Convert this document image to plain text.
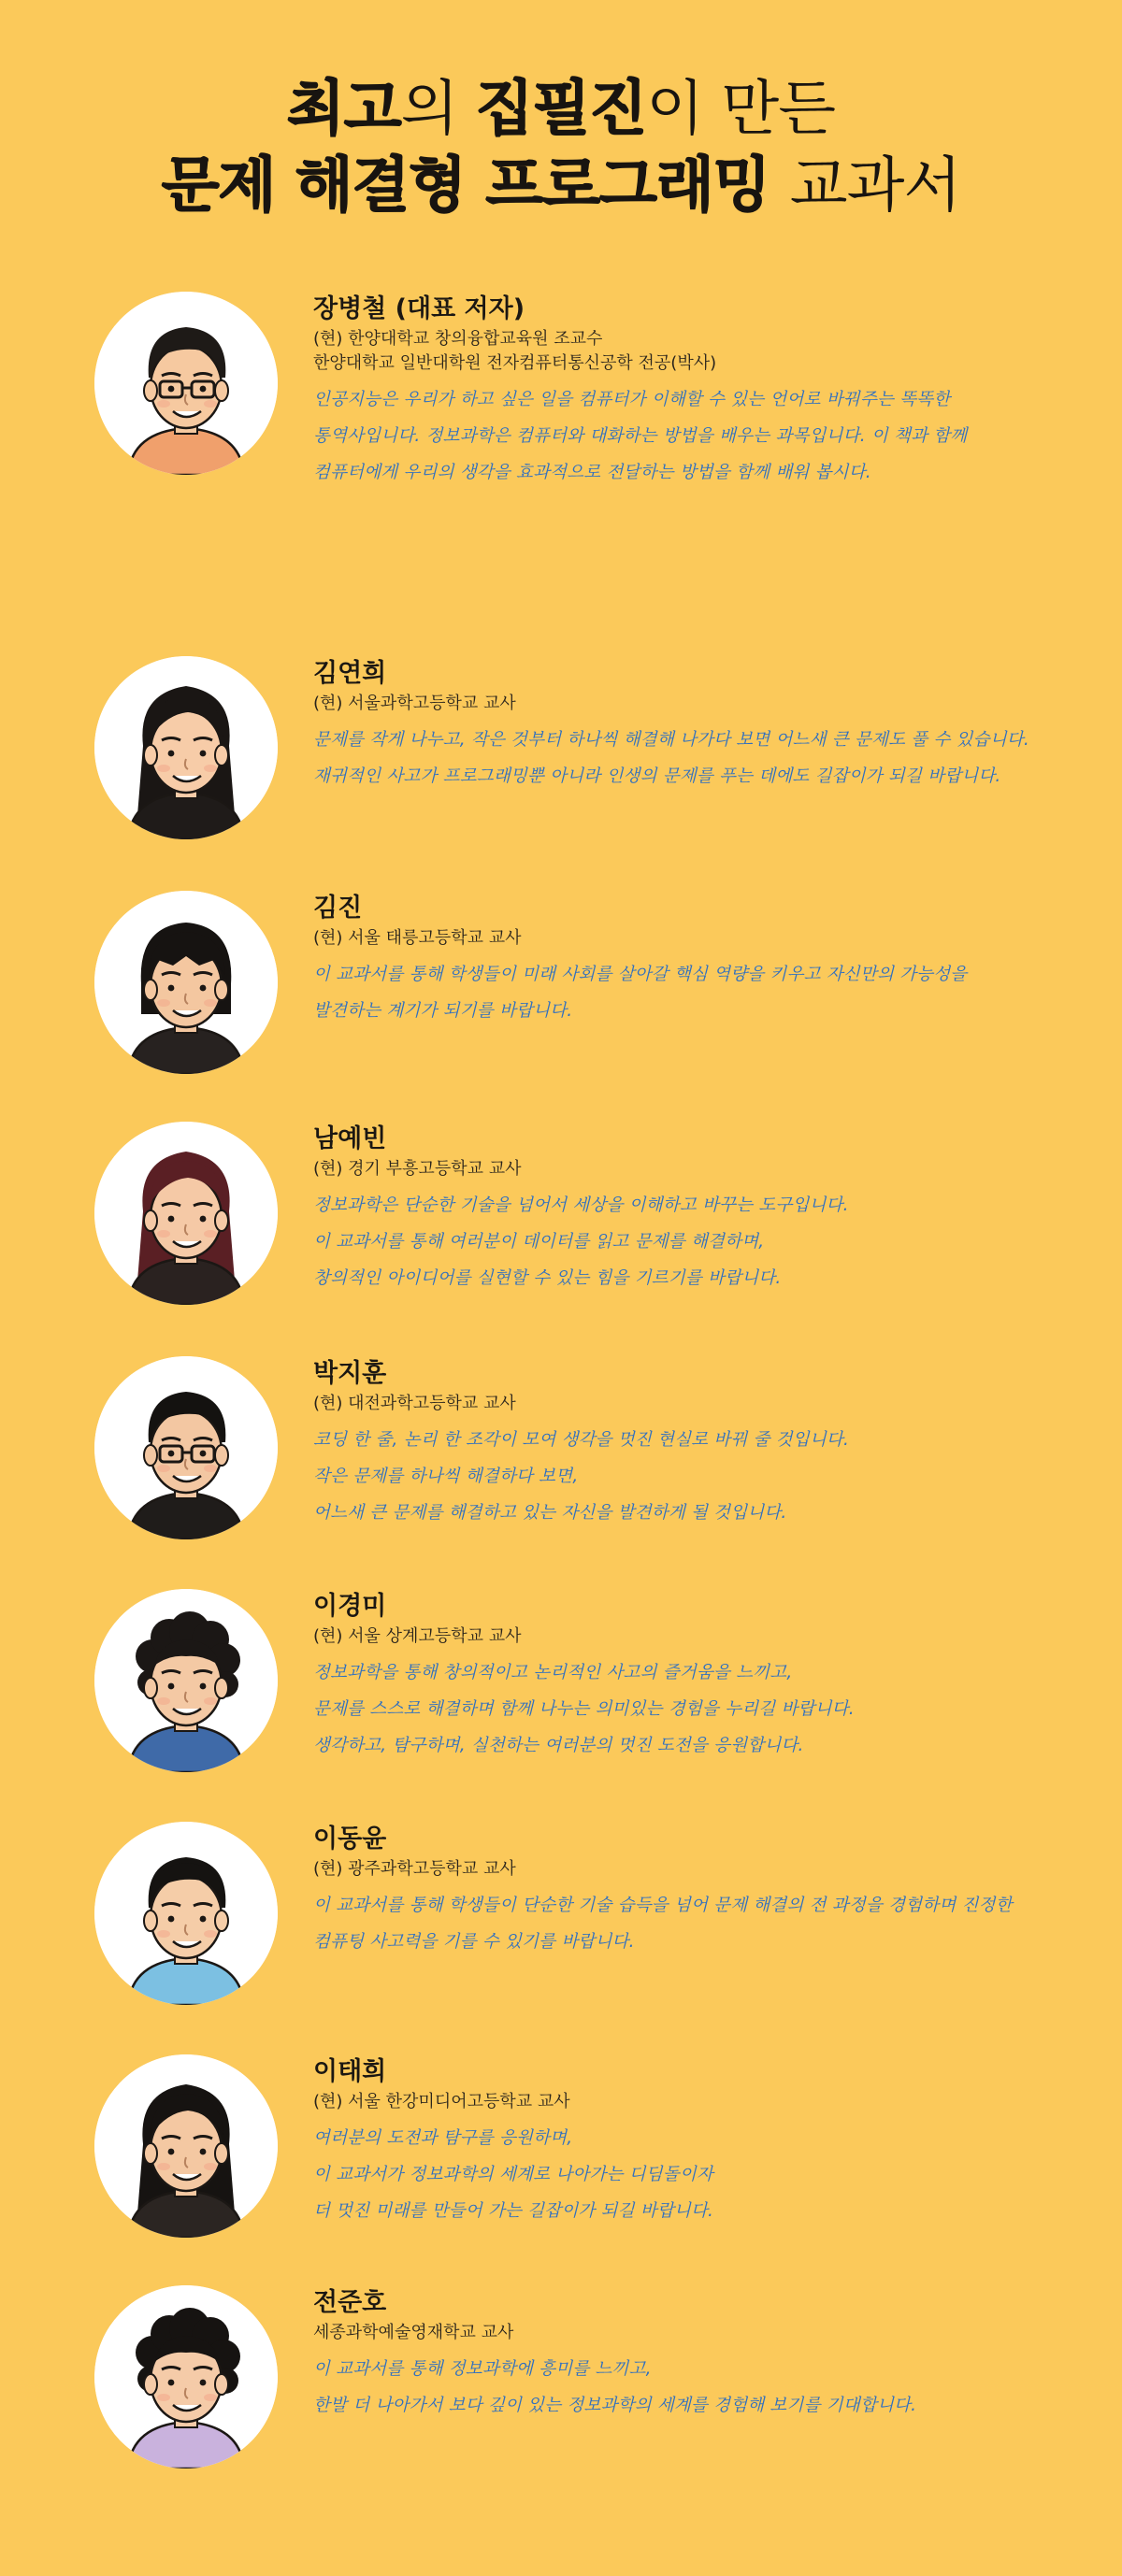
최고의 집필진이 만든
문제 해결형 프로그래밍 교과서
장병철 (대표 저자)
(현) 한양대학교 창의융합교육원 조교수
한양대학교 일반대학원 전자컴퓨터통신공학 전공(박사)
인공지능은 우리가 하고 싶은 일을 컴퓨터가 이해할 수 있는 언어로 바꿔주는 똑똑한
통역사입니다. 정보과학은 컴퓨터와 대화하는 방법을 배우는 과목입니다. 이 책과 함께
컴퓨터에게 우리의 생각을 효과적으로 전달하는 방법을 함께 배워 봅시다.
김연희
(현) 서울과학고등학교 교사
문제를 작게 나누고, 작은 것부터 하나씩 해결해 나가다 보면 어느새 큰 문제도 풀 수 있습니다.
재귀적인 사고가 프로그래밍뿐 아니라 인생의 문제를 푸는 데에도 길잡이가 되길 바랍니다.
김진
(현) 서울 태릉고등학교 교사
이 교과서를 통해 학생들이 미래 사회를 살아갈 핵심 역량을 키우고 자신만의 가능성을
발견하는 계기가 되기를 바랍니다.
남예빈
(현) 경기 부흥고등학교 교사
정보과학은 단순한 기술을 넘어서 세상을 이해하고 바꾸는 도구입니다.
이 교과서를 통해 여러분이 데이터를 읽고 문제를 해결하며,
창의적인 아이디어를 실현할 수 있는 힘을 기르기를 바랍니다.
박지훈
(현) 대전과학고등학교 교사
코딩 한 줄, 논리 한 조각이 모여 생각을 멋진 현실로 바꿔 줄 것입니다.
작은 문제를 하나씩 해결하다 보면,
어느새 큰 문제를 해결하고 있는 자신을 발견하게 될 것입니다.
이경미
(현) 서울 상계고등학교 교사
정보과학을 통해 창의적이고 논리적인 사고의 즐거움을 느끼고,
문제를 스스로 해결하며 함께 나누는 의미있는 경험을 누리길 바랍니다.
생각하고, 탐구하며, 실천하는 여러분의 멋진 도전을 응원합니다.
이동윤
(현) 광주과학고등학교 교사
이 교과서를 통해 학생들이 단순한 기술 습득을 넘어 문제 해결의 전 과정을 경험하며 진정한
컴퓨팅 사고력을 기를 수 있기를 바랍니다.
이태희
(현) 서울 한강미디어고등학교 교사
여러분의 도전과 탐구를 응원하며,
이 교과서가 정보과학의 세계로 나아가는 디딤돌이자
더 멋진 미래를 만들어 가는 길잡이가 되길 바랍니다.
전준호
세종과학예술영재학교 교사
이 교과서를 통해 정보과학에 흥미를 느끼고,
한발 더 나아가서 보다 깊이 있는 정보과학의 세계를 경험해 보기를 기대합니다.
